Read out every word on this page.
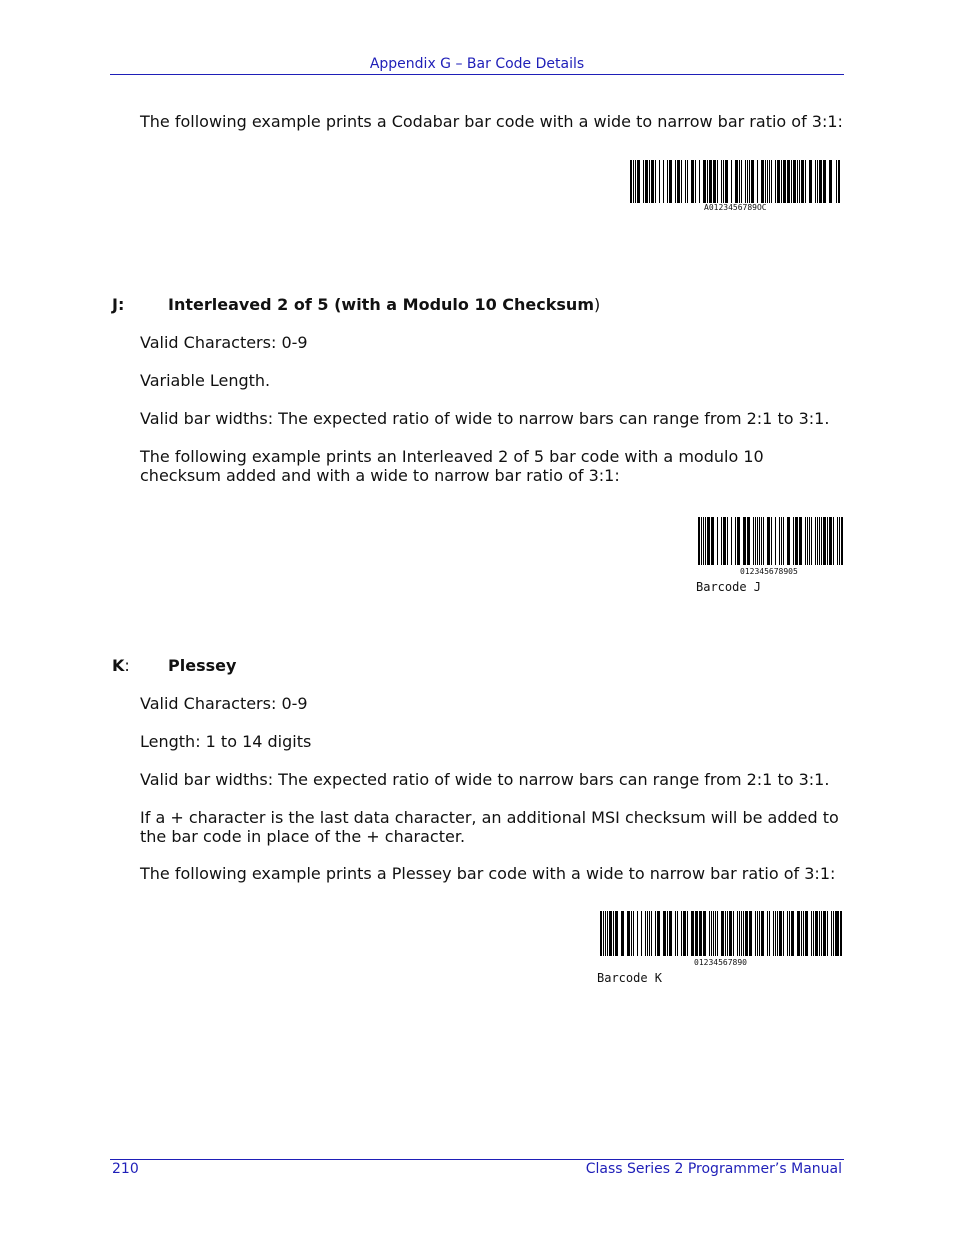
Appendix G – Bar Code Details
The following example prints a Codabar bar code with a wide to narrow bar ratio of 3:1:
A0123456789OC
J:	Interleaved 2 of 5 (with a Modulo 10 Checksum)
Valid Characters: 0-9
Variable Length.
Valid bar widths: The expected ratio of wide to narrow bars can range from 2:1 to 3:1.
The following example prints an Interleaved 2 of 5 bar code with a modulo 10 checksum added and with a wide to narrow bar ratio of 3:1:
012345678905
Barcode J
K: Plessey
Valid Characters: 0-9
Length: 1 to 14 digits
Valid bar widths: The expected ratio of wide to narrow bars can range from 2:1 to 3:1.
If a + character is the last data character, an additional MSI checksum will be added to the bar code in place of the + character.
The following example prints a Plessey bar code with a wide to narrow bar ratio of 3:1:
01234567890
Barcode K
210	Class Series 2 Programmer’s Manual
